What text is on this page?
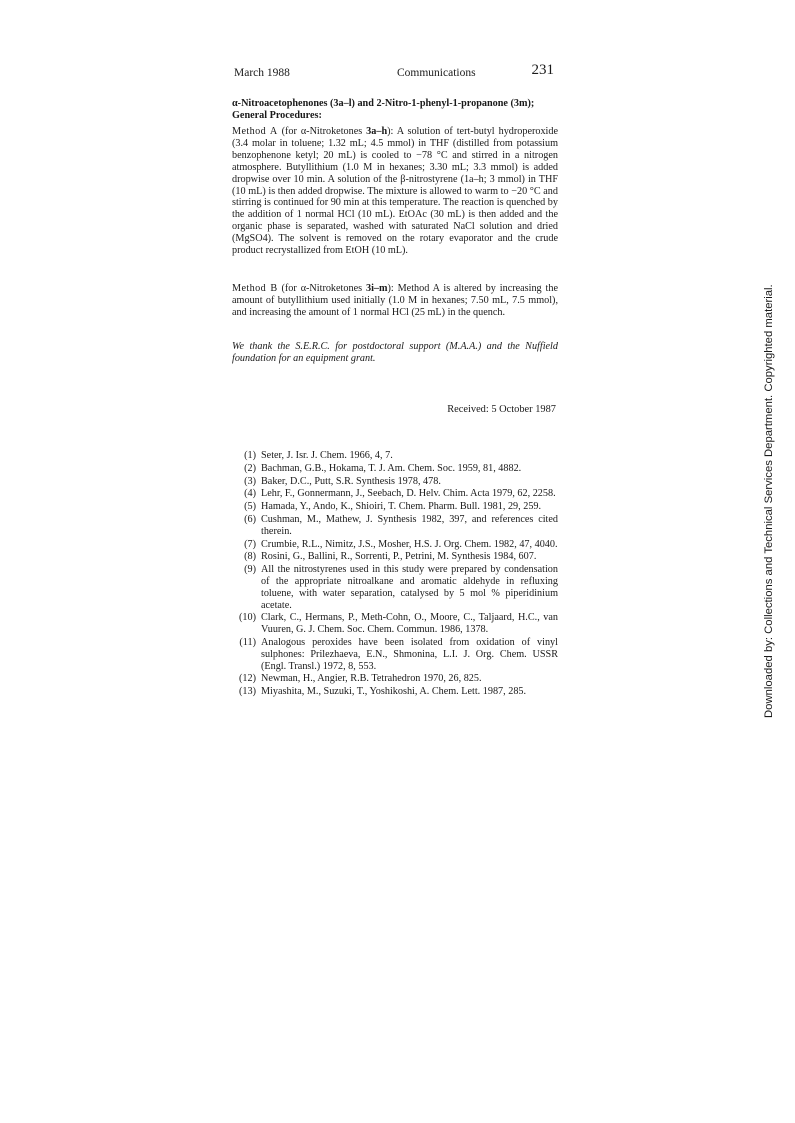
March 1988	Communications	231
α-Nitroacetophenones (3a–l) and 2-Nitro-1-phenyl-1-propanone (3m); General Procedures:
Method A (for α-Nitroketones 3a–h): A solution of tert-butyl hydroperoxide (3.4 molar in toluene; 1.32 mL; 4.5 mmol) in THF (distilled from potassium benzophenone ketyl; 20 mL) is cooled to −78 °C and stirred in a nitrogen atmosphere. Butyllithium (1.0 M in hexanes; 3.30 mL; 3.3 mmol) is added dropwise over 10 min. A solution of the β-nitrostyrene (1a–h; 3 mmol) in THF (10 mL) is then added dropwise. The mixture is allowed to warm to −20 °C and stirring is continued for 90 min at this temperature. The reaction is quenched by the addition of 1 normal HCl (10 mL). EtOAc (30 mL) is then added and the organic phase is separated, washed with saturated NaCl solution and dried (MgSO4). The solvent is removed on the rotary evaporator and the crude product recrystallized from EtOH (10 mL).
Method B (for α-Nitroketones 3i–m): Method A is altered by increasing the amount of butyllithium used initially (1.0 M in hexanes; 7.50 mL, 7.5 mmol), and increasing the amount of 1 normal HCl (25 mL) in the quench.
We thank the S.E.R.C. for postdoctoral support (M.A.A.) and the Nuffield foundation for an equipment grant.
Received: 5 October 1987
(1) Seter, J. Isr. J. Chem. 1966, 4, 7.
(2) Bachman, G.B., Hokama, T. J. Am. Chem. Soc. 1959, 81, 4882.
(3) Baker, D.C., Putt, S.R. Synthesis 1978, 478.
(4) Lehr, F., Gonnermann, J., Seebach, D. Helv. Chim. Acta 1979, 62, 2258.
(5) Hamada, Y., Ando, K., Shioiri, T. Chem. Pharm. Bull. 1981, 29, 259.
(6) Cushman, M., Mathew, J. Synthesis 1982, 397, and references cited therein.
(7) Crumbie, R.L., Nimitz, J.S., Mosher, H.S. J. Org. Chem. 1982, 47, 4040.
(8) Rosini, G., Ballini, R., Sorrenti, P., Petrini, M. Synthesis 1984, 607.
(9) All the nitrostyrenes used in this study were prepared by condensation of the appropriate nitroalkane and aromatic aldehyde in refluxing toluene, with water separation, catalysed by 5 mol % piperidinium acetate.
(10) Clark, C., Hermans, P., Meth-Cohn, O., Moore, C., Taljaard, H.C., van Vuuren, G. J. Chem. Soc. Chem. Commun. 1986, 1378.
(11) Analogous peroxides have been isolated from oxidation of vinyl sulphones: Prilezhaeva, E.N., Shmonina, L.I. J. Org. Chem. USSR (Engl. Transl.) 1972, 8, 553.
(12) Newman, H., Angier, R.B. Tetrahedron 1970, 26, 825.
(13) Miyashita, M., Suzuki, T., Yoshikoshi, A. Chem. Lett. 1987, 285.	Downloaded by: Collections and Technical Services Department. Copyrighted material.
